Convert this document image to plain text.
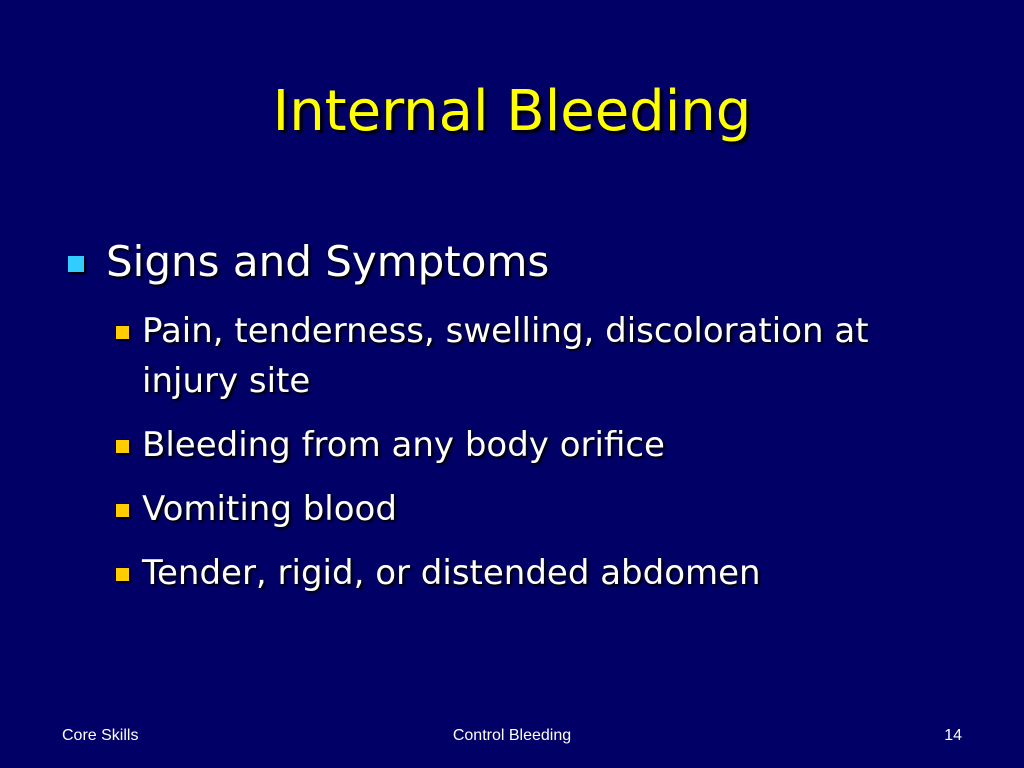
Internal Bleeding
Signs and Symptoms
Pain, tenderness, swelling, discoloration at injury site
Bleeding from any body orifice
Vomiting blood
Tender, rigid, or distended abdomen
Core Skills	Control Bleeding	14
